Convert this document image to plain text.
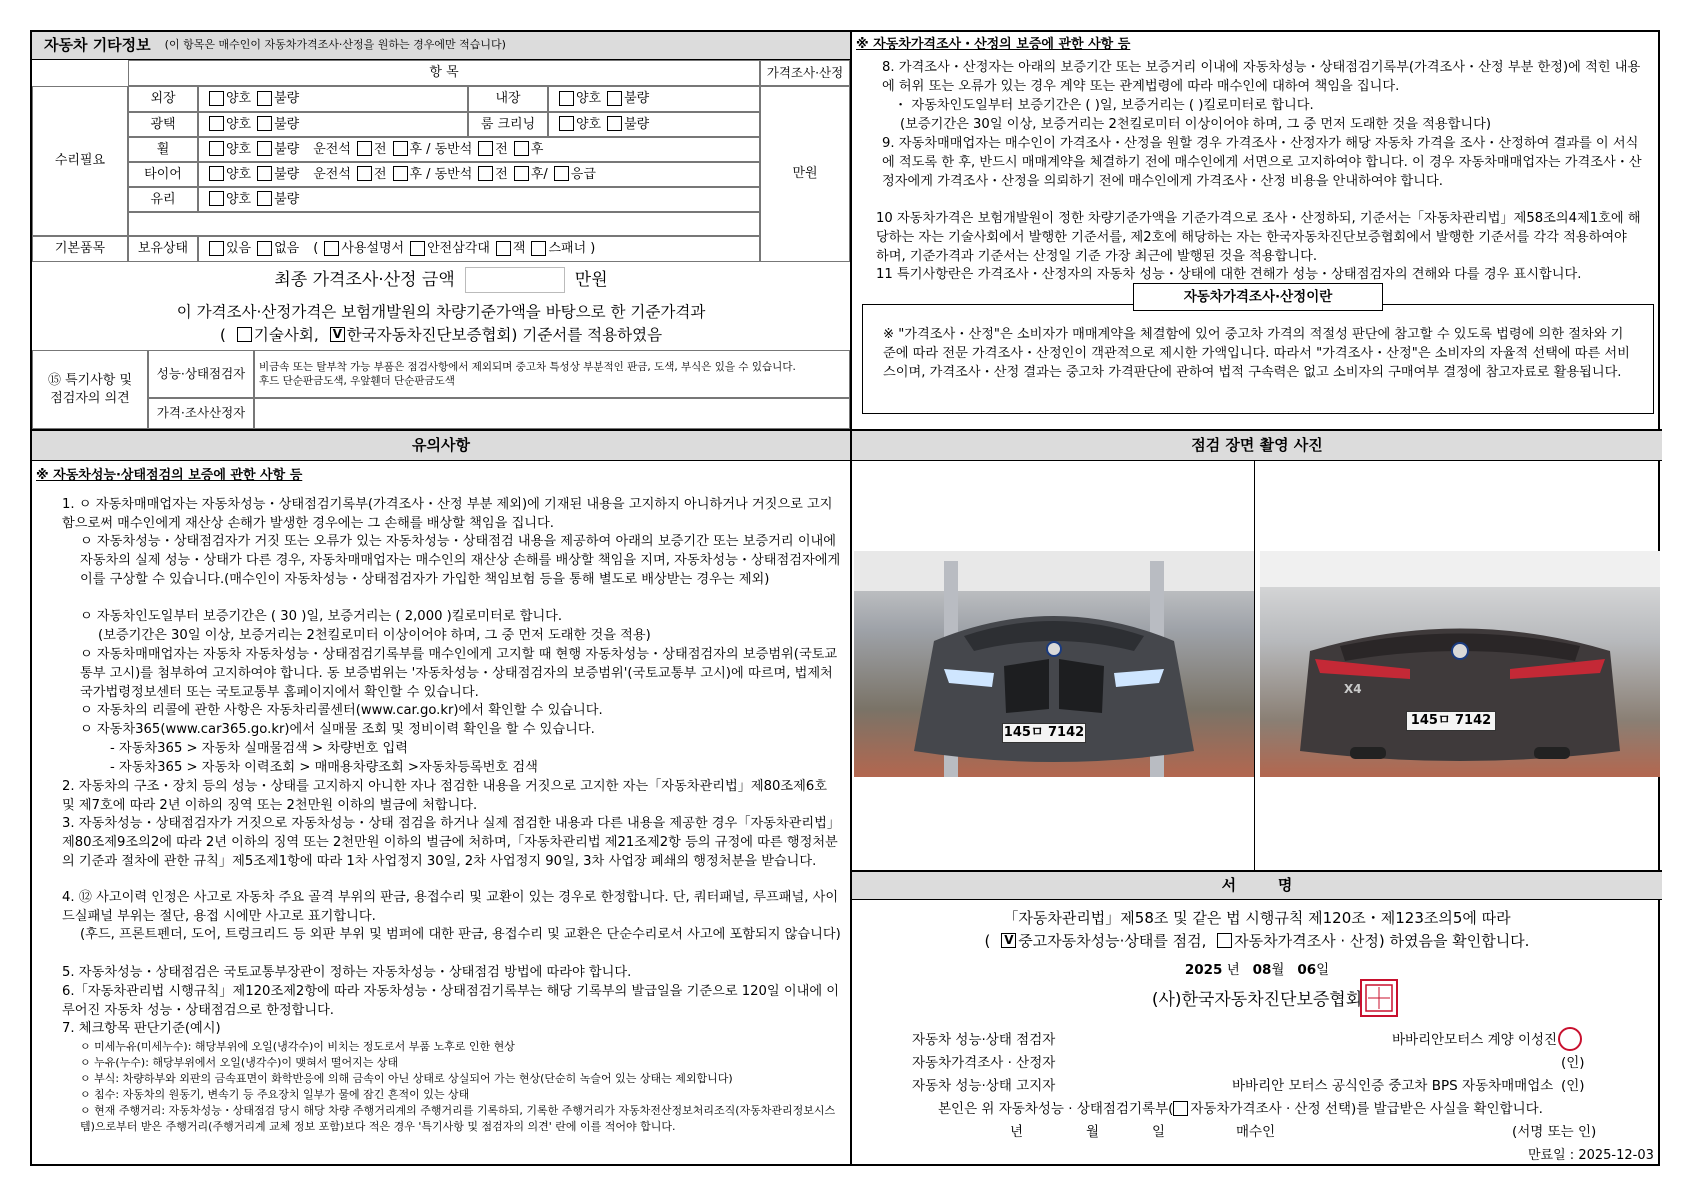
자동차 기타정보 (이 항목은 매수인이 자동차가격조사·산정을 원하는 경우에만 적습니다)
항 목	가격조사·산정
수리필요
기본품목
만원
외장	양호 불량	내장	양호 불량
광택	양호 불량	룸 크리닝	양호 불량
휠	양호 불량 운전석 전 후 / 동반석 전 후
타이어	양호 불량 운전석 전 후 / 동반석 전 후 / 응급
유리	양호 불량
보유상태	있음 없음 ( 사용설명서 안전삼각대 잭 스패너 )
최종 가격조사·산정 금액	만원
이 가격조사·산정가격은 보험개발원의 차량기준가액을 바탕으로 한 기준가격과
( 기술사회, V 한국자동차진단보증협회) 기준서를 적용하였음
⑮ 특기사항 및
점검자의 의견
성능·상태점검자 비금속 또는 탈부착 가능 부품은 점검사항에서 제외되며 중고차 특성상 부분적인 판금, 도색, 부식은 있을 수 있습니다.
후드 단순판금도색, 우앞휀더 단순판금도색
가격·조사산정자
※ 자동차가격조사・산정의 보증에 관한 사항 등
8. 가격조사・산정자는 아래의 보증기간 또는 보증거리 이내에 자동차성능・상태점검기록부(가격조사・산정 부분 한정)에 적힌 내용에 허위 또는 오류가 있는 경우 계약 또는 관계법령에 따라 매수인에 대하여 책임을 집니다.
・ 자동차인도일부터 보증기간은 ( )일, 보증거리는 ( )킬로미터로 합니다.
(보증기간은 30일 이상, 보증거리는 2천킬로미터 이상이어야 하며, 그 중 먼저 도래한 것을 적용합니다)
9. 자동차매매업자는 매수인이 가격조사・산정을 원할 경우 가격조사・산정자가 해당 자동차 가격을 조사・산정하여 결과를 이 서식에 적도록 한 후, 반드시 매매계약을 체결하기 전에 매수인에게 서면으로 고지하여야 합니다. 이 경우 자동차매매업자는 가격조사・산정자에게 가격조사・산정을 의뢰하기 전에 매수인에게 가격조사・산정 비용을 안내하여야 합니다.
10 자동차가격은 보험개발원이 정한 차량기준가액을 기준가격으로 조사・산정하되, 기준서는「자동차관리법」제58조의4제1호에 해당하는 자는 기술사회에서 발행한 기준서를, 제2호에 해당하는 자는 한국자동차진단보증협회에서 발행한 기준서를 각각 적용하여야 하며, 기준가격과 기준서는 산정일 기준 가장 최근에 발행된 것을 적용합니다.
11 특기사항란은 가격조사・산정자의 자동차 성능・상태에 대한 견해가 성능・상태점검자의 견해와 다를 경우 표시합니다.
자동차가격조사·산정이란
※ "가격조사・산정"은 소비자가 매매계약을 체결함에 있어 중고차 가격의 적절성 판단에 참고할 수 있도록 법령에 의한 절차와 기준에 따라 전문 가격조사・산정인이 객관적으로 제시한 가액입니다. 따라서 "가격조사・산정"은 소비자의 자율적 선택에 따른 서비스이며, 가격조사・산정 결과는 중고차 가격판단에 관하여 법적 구속력은 없고 소비자의 구매여부 결정에 참고자료로 활용됩니다.
유의사항
※ 자동차성능·상태점검의 보증에 관한 사항 등
1. ㅇ 자동차매매업자는 자동차성능・상태점검기록부(가격조사・산정 부분 제외)에 기재된 내용을 고지하지 아니하거나 거짓으로 고지함으로써 매수인에게 재산상 손해가 발생한 경우에는 그 손해를 배상할 책임을 집니다.
ㅇ 자동차성능・상태점검자가 거짓 또는 오류가 있는 자동차성능・상태점검 내용을 제공하여 아래의 보증기간 또는 보증거리 이내에 자동차의 실제 성능・상태가 다른 경우, 자동차매매업자는 매수인의 재산상 손해를 배상할 책임을 지며, 자동차성능・상태점검자에게 이를 구상할 수 있습니다.(매수인이 자동차성능・상태점검자가 가입한 책임보험 등을 통해 별도로 배상받는 경우는 제외)
ㅇ 자동차인도일부터 보증기간은 ( 30 )일, 보증거리는 ( 2,000 )킬로미터로 합니다.
(보증기간은 30일 이상, 보증거리는 2천킬로미터 이상이어야 하며, 그 중 먼저 도래한 것을 적용)
ㅇ 자동차매매업자는 자동차 자동차성능・상태점검기록부를 매수인에게 고지할 때 현행 자동차성능・상태점검자의 보증범위(국토교통부 고시)를 첨부하여 고지하여야 합니다. 동 보증범위는 '자동차성능・상태점검자의 보증범위'(국토교통부 고시)에 따르며, 법제처 국가법령정보센터 또는 국토교통부 홈페이지에서 확인할 수 있습니다.
ㅇ 자동차의 리콜에 관한 사항은 자동차리콜센터(www.car.go.kr)에서 확인할 수 있습니다.
ㅇ 자동차365(www.car365.go.kr)에서 실매물 조회 및 정비이력 확인을 할 수 있습니다.
- 자동차365 > 자동차 실매물검색 > 차량번호 입력
- 자동차365 > 자동차 이력조회 > 매매용차량조회 >자동차등록번호 검색
2. 자동차의 구조・장치 등의 성능・상태를 고지하지 아니한 자나 점검한 내용을 거짓으로 고지한 자는「자동차관리법」제80조제6호 및 제7호에 따라 2년 이하의 징역 또는 2천만원 이하의 벌금에 처합니다.
3. 자동차성능・상태점검자가 거짓으로 자동차성능・상태 점검을 하거나 실제 점검한 내용과 다른 내용을 제공한 경우「자동차관리법」제80조제9조의2에 따라 2년 이하의 징역 또는 2천만원 이하의 벌금에 처하며,「자동차관리법 제21조제2항 등의 규정에 따른 행정처분의 기준과 절차에 관한 규칙」제5조제1항에 따라 1차 사업정지 30일, 2차 사업정지 90일, 3차 사업장 폐쇄의 행정처분을 받습니다.
4. ⑫ 사고이력 인정은 사고로 자동차 주요 골격 부위의 판금, 용접수리 및 교환이 있는 경우로 한정합니다. 단, 쿼터패널, 루프패널, 사이드실패널 부위는 절단, 용접 시에만 사고로 표기합니다.
(후드, 프론트펜더, 도어, 트렁크리드 등 외판 부위 및 범퍼에 대한 판금, 용접수리 및 교환은 단순수리로서 사고에 포함되지 않습니다)
5. 자동차성능・상태점검은 국토교통부장관이 정하는 자동차성능・상태점검 방법에 따라야 합니다.
6.「자동차관리법 시행규칙」제120조제2항에 따라 자동차성능・상태점검기록부는 해당 기록부의 발급일을 기준으로 120일 이내에 이루어진 자동차 성능・상태점검으로 한정합니다.
7. 체크항목 판단기준(예시)
ㅇ 미세누유(미세누수): 해당부위에 오일(냉각수)이 비치는 정도로서 부품 노후로 인한 현상
ㅇ 누유(누수): 해당부위에서 오일(냉각수)이 맺혀서 떨어지는 상태
ㅇ 부식: 차량하부와 외판의 금속표면이 화학반응에 의해 금속이 아닌 상태로 상실되어 가는 현상(단순히 녹슬어 있는 상태는 제외합니다)
ㅇ 침수: 자동차의 원동기, 변속기 등 주요장치 일부가 물에 잠긴 흔적이 있는 상태
ㅇ 현재 주행거리: 자동차성능・상태점검 당시 해당 차량 주행거리계의 주행거리를 기록하되, 기록한 주행거리가 자동차전산정보처리조직(자동차관리정보시스템)으로부터 받은 주행거리(주행거리계 교체 정보 포함)보다 적은 경우 '특기사항 및 점검자의 의견' 란에 이를 적어야 합니다.
점검 장면 촬영 사진
145ㅁ 7142
X4
145ㅁ 7142
서        명
「자동차관리법」제58조 및 같은 법 시행규칙 제120조・제123조의5에 따라
( V 중고자동차성능·상태를 점검, 자동차가격조사 · 산정) 하였음을 확인합니다.
2025 년 08월 06일
(사)한국자동차진단보증협회
자동차 성능·상태 점검자	바바리안모터스 계양 이성진
자동차가격조사 · 산정자	(인)
자동차 성능·상태 고지자	바바리안 모터스 공식인증 중고차 BPS 자동차매매업소 (인)
본인은 위 자동차성능 · 상태점검기록부( 자동차가격조사 · 산정 선택)를 발급받은 사실을 확인합니다.
년	월	일	매수인	(서명 또는 인)
만료일 : 2025-12-03
